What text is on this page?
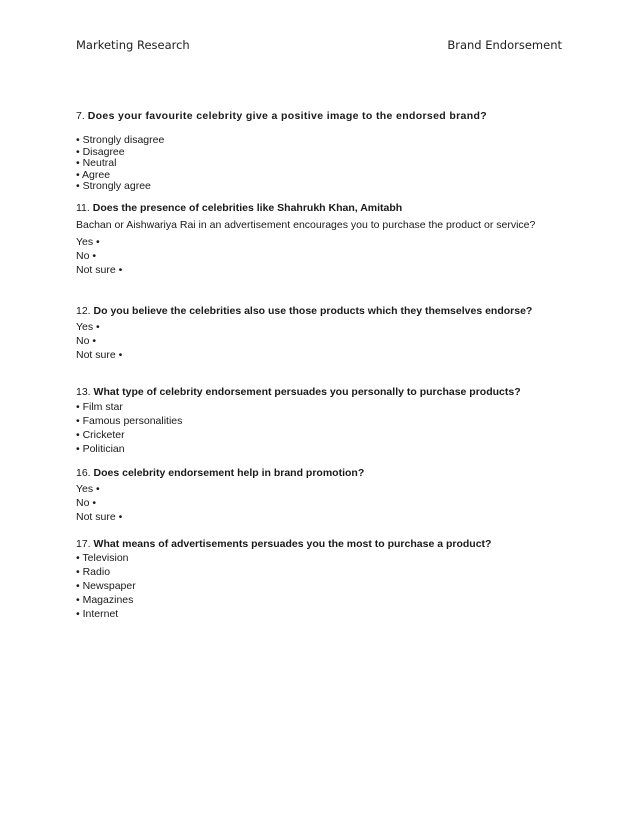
Marketing Research	Brand Endorsement
7. Does your favourite celebrity give a positive image to the endorsed brand?
• Strongly disagree
• Disagree
• Neutral
• Agree
• Strongly agree
11. Does the presence of celebrities like Shahrukh Khan, Amitabh
Bachan or Aishwariya Rai in an advertisement encourages you to purchase the product or service?
Yes •
No •
Not sure •
12. Do you believe the celebrities also use those products which they themselves endorse?
Yes •
No •
Not sure •
13. What type of celebrity endorsement persuades you personally to purchase products?
• Film star
• Famous personalities
• Cricketer
• Politician
16. Does celebrity endorsement help in brand promotion?
Yes •
No •
Not sure •
17. What means of advertisements persuades you the most to purchase a product?
• Television
• Radio
• Newspaper
• Magazines
• Internet
